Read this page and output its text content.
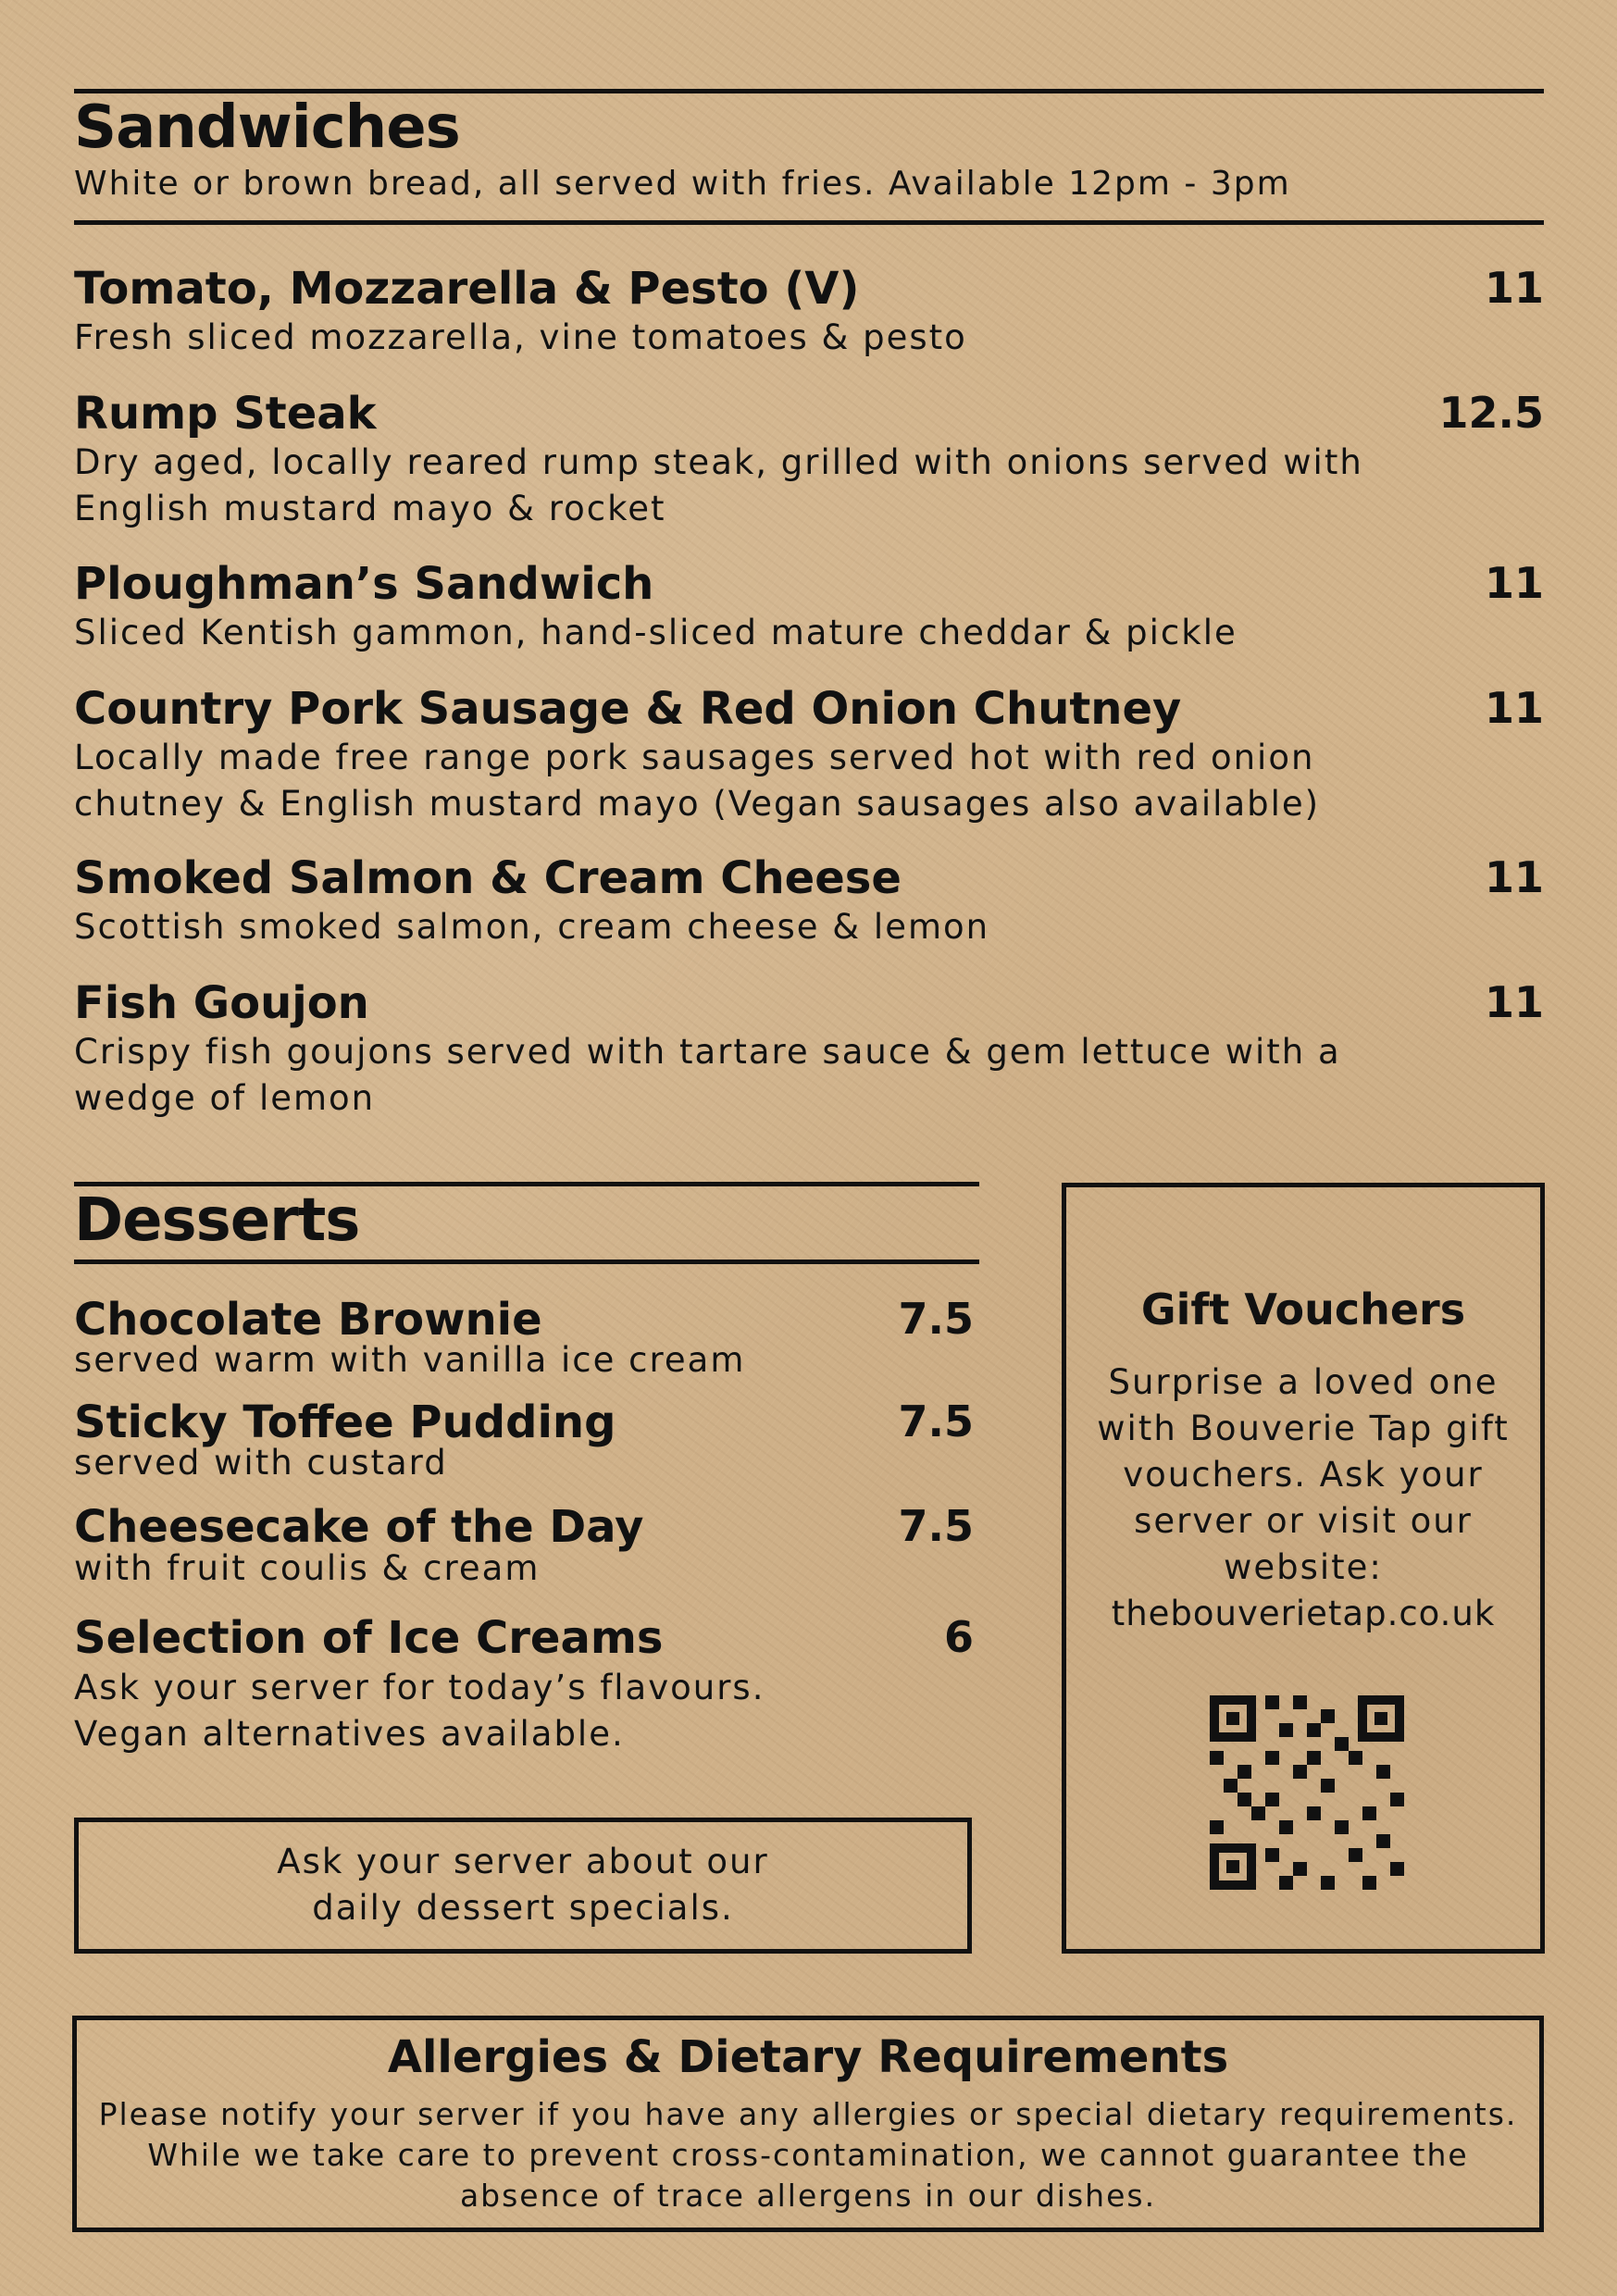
Sandwiches
White or brown bread, all served with fries. Available 12pm - 3pm
Tomato, Mozzarella & Pesto (V)	11
Fresh sliced mozzarella, vine tomatoes & pesto
Rump Steak	12.5
Dry aged, locally reared rump steak, grilled with onions served with English mustard mayo & rocket
Ploughman’s Sandwich	11
Sliced Kentish gammon, hand-sliced mature cheddar & pickle
Country Pork Sausage & Red Onion Chutney	11
Locally made free range pork sausages served hot with red onion chutney & English mustard mayo (Vegan sausages also available)
Smoked Salmon & Cream Cheese	11
Scottish smoked salmon, cream cheese & lemon
Fish Goujon	11
Crispy fish goujons served with tartare sauce & gem lettuce with a wedge of lemon
Desserts
Chocolate Brownie	7.5
served warm with vanilla ice cream
Sticky Toffee Pudding	7.5
served with custard
Cheesecake of the Day	7.5
with fruit coulis & cream
Selection of Ice Creams	6
Ask your server for today’s flavours. Vegan alternatives available.
Ask your server about our daily dessert specials.
Gift Vouchers
Surprise a loved one with Bouverie Tap gift vouchers. Ask your server or visit our website:
thebouverietap.co.uk
Allergies & Dietary Requirements
Please notify your server if you have any allergies or special dietary requirements. While we take care to prevent cross-contamination, we cannot guarantee the absence of trace allergens in our dishes.
